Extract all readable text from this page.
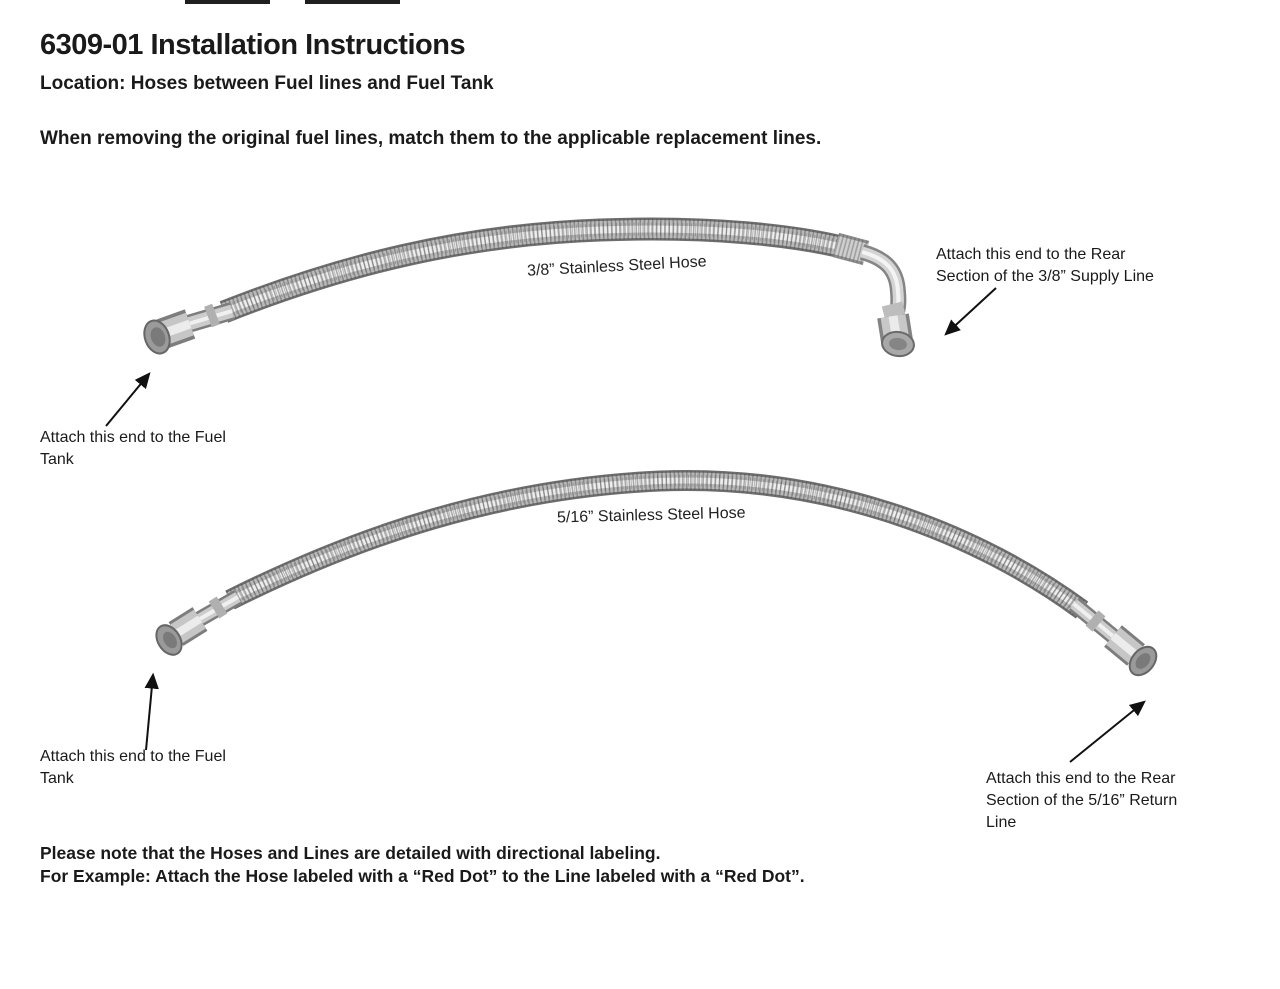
6309-01 Installation Instructions
Location: Hoses between Fuel lines and Fuel Tank
When removing the original fuel lines, match them to the applicable replacement lines.
3/8” Stainless Steel Hose
5/16” Stainless Steel Hose
Attach this end to the Rear
Section of the 3/8” Supply Line
Attach this end to the Fuel
Tank
Attach this end to the Fuel
Tank	Attach this end to the Rear
Section of the 5/16” Return
Line
Please note that the Hoses and Lines are detailed with directional labeling.
For Example: Attach the Hose labeled with a “Red Dot” to the Line labeled with a “Red Dot”.
